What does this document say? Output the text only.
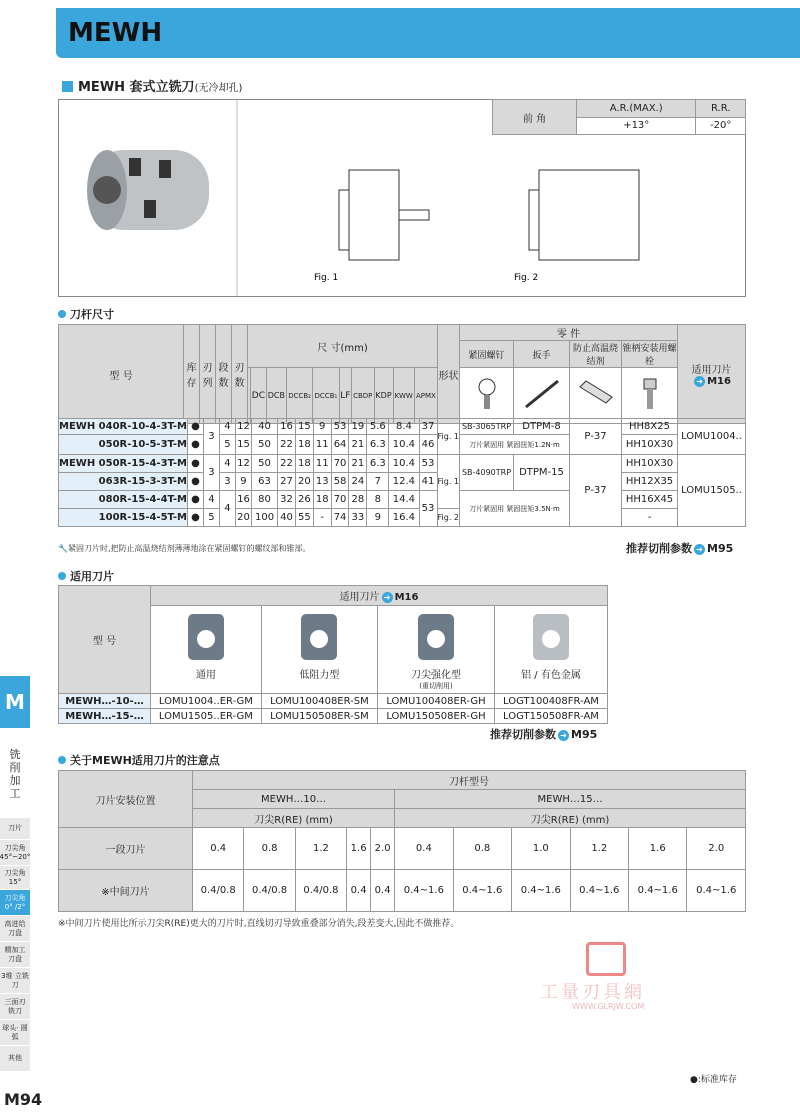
MEWH
MEWH 套式立铣刀(无冷却孔)
Fig. 1	Fig. 2
前 角	A.R.(MAX.)	R.R.
	+13°	-20°
刀杆尺寸
型 号	库存	刃列	段数	刃数	尺 寸(mm)										形状	零 件				适用刀片
➜ M16
																紧固螺钉	扳手	防止高温烧结剂	锥柄安装用螺栓	
						DC	DCB	DCCB₂	DCCB₁	LF	CBDP	KDP	KWW	APMX				
MEWH 040R-10-4-3T-M	●	3	4	12	40	16	15	9	53	19	5.6	8.4	37	Fig. 1	SB-3065TRP	DTPM-8	P-37	HH8X25	LOMU1004..
050R-10-5-3T-M	●		5	15	50	22	18	11	64	21	6.3	10.4	46		刀片紧固用 紧固扭矩1.2N·m			HH10X30	
MEWH 050R-15-4-3T-M	●	3	4	12	50	22	18	11	70	21	6.3	10.4	53	Fig. 1	SB-4090TRP	DTPM-15	P-37	HH10X30	LOMU1505..
063R-15-3-3T-M	●		3	9	63	27	20	13	58	24	7	12.4	41					HH12X35	
080R-15-4-4T-M	●	4	4	16	80	32	26	18	70	28	8	14.4	53		刀片紧固用 紧固扭矩3.5N·m			HH16X45	
100R-15-4-5T-M	●	5		20	100	40	55	-	74	33	9	16.4		Fig. 2				-	
🔧紧固刀片时,把防止高温烧结剂薄薄地涂在紧固螺钉的螺纹部和锥部。	推荐切削参数 ➜ M95
适用刀片
型 号	适用刀片 ➜ M16			

	通用	低阻力型	刀尖强化型
(重切削用)	铝 / 有色金属

MEWH…-10-…	LOMU1004..ER-GM	LOMU100408ER-SM	LOMU100408ER-GH	LOGT100408FR-AM
MEWH…-15-…	LOMU1505..ER-GM	LOMU150508ER-SM	LOMU150508ER-GH	LOGT150508FR-AM
推荐切削参数 ➜ M95
关于MEWH适用刀片的注意点
刀片安装位置	刀杆型号										
	MEWH…10…					MEWH…15…					
	刀尖R(RE) (mm)					刀尖R(RE) (mm)					
一段刀片	0.4	0.8	1.2	1.6	2.0	0.4	0.8	1.0	1.2	1.6	2.0
※中间刀片	0.4/0.8	0.4/0.8	0.4/0.8	0.4	0.4	0.4~1.6	0.4~1.6	0.4~1.6	0.4~1.6	0.4~1.6	0.4~1.6
※中间刀片使用比所示刀尖R(RE)更大的刀片时,直线切刃导致重叠部分消失,段差变大,因此不做推荐。
M
铣削加工
刀片
刀尖角 45°~20°
刀尖角 15°
刀尖角 0° /2°
高进给 刀盘
精加工 刀盘
3维 立铣刀
三面刃 铣刀
球头· 圆弧
其他
工量刃具網
WWW.GLRJW.COM
M94
●:标准库存
